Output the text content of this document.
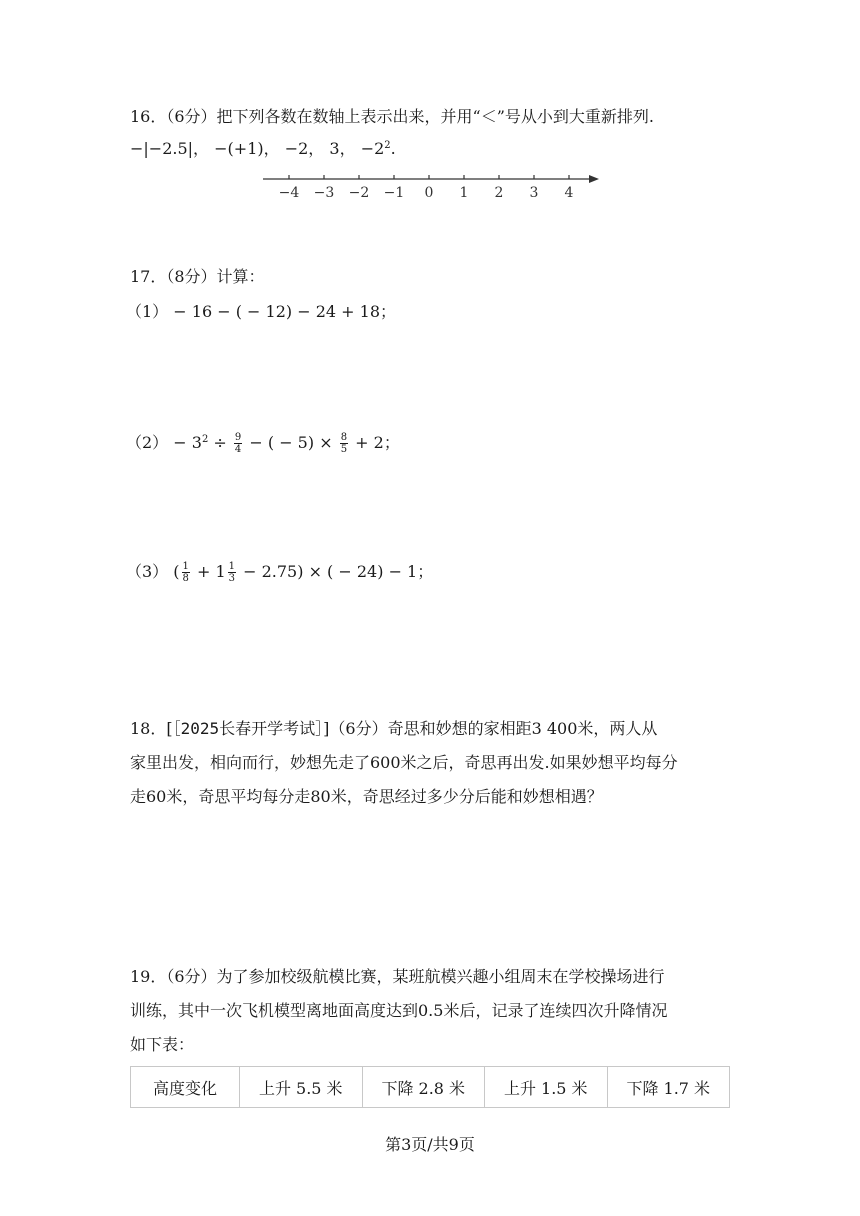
16．（6分）把下列各数在数轴上表示出来，并用“＜”号从小到大重新排列.
−|−2.5|， −(+1)， −2， 3， $-2^2$.
−4 −3 −2 −1 0 1 2 3 4
17．（8分）计算：
（1） − 16 − ( − 12) − 24 + 18；
$(2) - 3^2 \div \frac{9}{4}$ − ( − $5) \times \frac{8}{5} + 2$；
（3） ( $\frac{1}{8} + 1 \frac{1}{3} - 2.75$) × ( − 24) − 1；
18．[［2025长春开学考试］]（6分）奇思和妙想的家相距3 400米，两人从
家里出发，相向而行，妙想先走了600米之后，奇思再出发.如果妙想平均每分
走60米，奇思平均每分走80米，奇思经过多少分后能和妙想相遇？
19．（6分）为了参加校级航模比赛，某班航模兴趣小组周末在学校操场进行
训练，其中一次飞机模型离地面高度达到0.5米后，记录了连续四次升降情况
如下表：
高度变化	上升 5.5 米	下降 2.8 米	上升 1.5 米	下降 1.7 米
第3页/共9页
